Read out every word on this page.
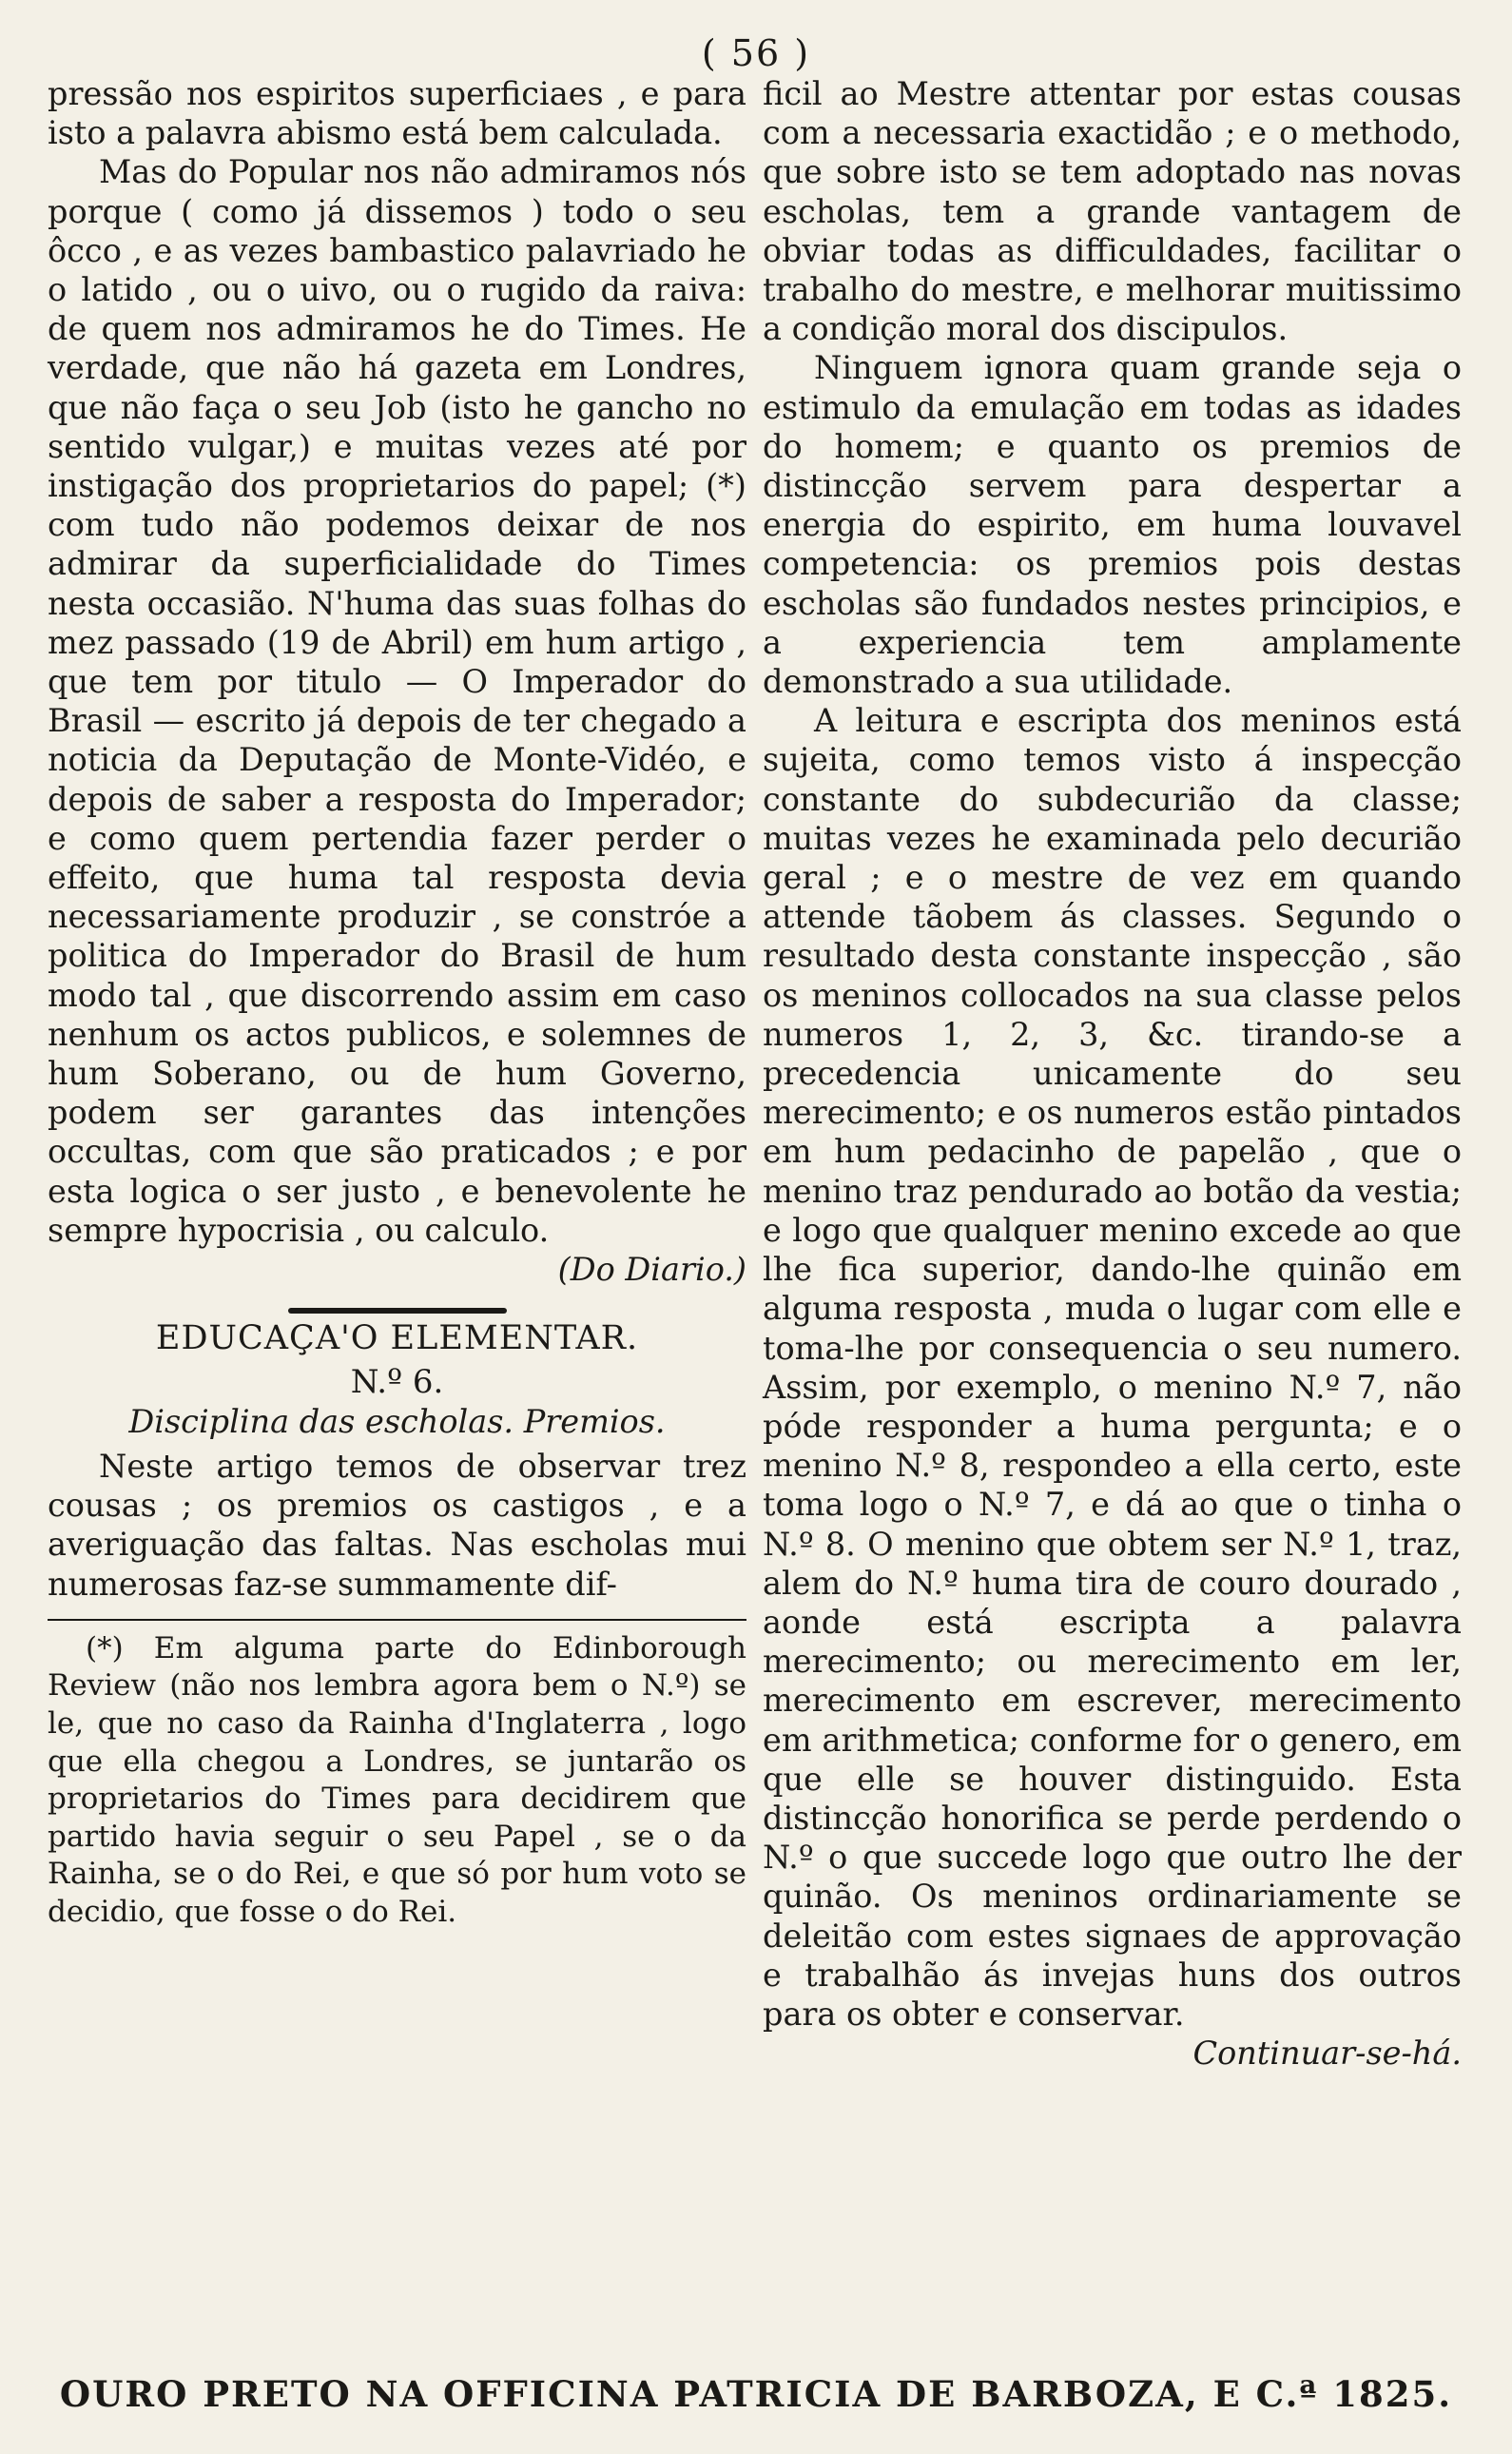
( 56 )

pressão nos espiritos superficiaes , e para isto a palavra abismo está bem calculada.

Mas do Popular nos não admiramos nós porque ( como já dissemos ) todo o seu ôcco , e as vezes bambastico palavriado he o latido , ou o uivo, ou o rugido da raiva: de quem nos admiramos he do Times. He verdade, que não há gazeta em Londres, que não faça o seu Job (isto he gancho no sentido vulgar,) e muitas vezes até por instigação dos proprietarios do papel; (*) com tudo não podemos deixar de nos admirar da superficialidade do Times nesta occasião. N'huma das suas folhas do mez passado (19 de Abril) em hum artigo , que tem por titulo — O Imperador do Brasil — escrito já depois de ter chegado a noticia da Deputação de Monte-Vidéo, e depois de saber a resposta do Imperador; e como quem pertendia fazer perder o effeito, que huma tal resposta devia necessariamente produzir , se constróe a politica do Imperador do Brasil de hum modo tal , que discorrendo assim em caso nenhum os actos publicos, e solemnes de hum Soberano, ou de hum Governo, podem ser garantes das intenções occultas, com que são praticados ; e por esta logica o ser justo , e benevolente he sempre hypocrisia , ou calculo.

(Do Diario.)

EDUCAÇA'O ELEMENTAR.
N.º 6.
Disciplina das escholas. Premios.

Neste artigo temos de observar trez cousas ; os premios os castigos , e a averiguação das faltas. Nas escholas mui numerosas faz-se summamente dif-

(*) Em alguma parte do Edinborough Review (não nos lembra agora bem o N.º) se le, que no caso da Rainha d'Inglaterra , logo que ella chegou a Londres, se juntarão os proprietarios do Times para decidirem que partido havia seguir o seu Papel , se o da Rainha, se o do Rei, e que só por hum voto se decidio, que fosse o do Rei.

ficil ao Mestre attentar por estas cousas com a necessaria exactidão ; e o methodo, que sobre isto se tem adoptado nas novas escholas, tem a grande vantagem de obviar todas as difficuldades, facilitar o trabalho do mestre, e melhorar muitissimo a condição moral dos discipulos.

Ninguem ignora quam grande seja o estimulo da emulação em todas as idades do homem; e quanto os premios de distincção servem para despertar a energia do espirito, em huma louvavel competencia: os premios pois destas escholas são fundados nestes principios, e a experiencia tem amplamente demonstrado a sua utilidade.

A leitura e escripta dos meninos está sujeita, como temos visto á inspecção constante do subdecurião da classe; muitas vezes he examinada pelo decurião geral ; e o mestre de vez em quando attende tãobem ás classes. Segundo o resultado desta constante inspecção , são os meninos collocados na sua classe pelos numeros 1, 2, 3, &c. tirando-se a precedencia unicamente do seu merecimento; e os numeros estão pintados em hum pedacinho de papelão , que o menino traz pendurado ao botão da vestia; e logo que qualquer menino excede ao que lhe fica superior, dando-lhe quinão em alguma resposta , muda o lugar com elle e toma-lhe por consequencia o seu numero. Assim, por exemplo, o menino N.º 7, não póde responder a huma pergunta; e o menino N.º 8, respondeo a ella certo, este toma logo o N.º 7, e dá ao que o tinha o N.º 8. O menino que obtem ser N.º 1, traz, alem do N.º huma tira de couro dourado , aonde está escripta a palavra merecimento; ou merecimento em ler, merecimento em escrever, merecimento em arithmetica; conforme for o genero, em que elle se houver distinguido. Esta distincção honorifica se perde perdendo o N.º o que succede logo que outro lhe der quinão. Os meninos ordinariamente se deleitão com estes signaes de approvação e trabalhão ás invejas huns dos outros para os obter e conservar.

Continuar-se-há.

OURO PRETO NA OFFICINA PATRICIA DE BARBOZA, E C.ª 1825.
